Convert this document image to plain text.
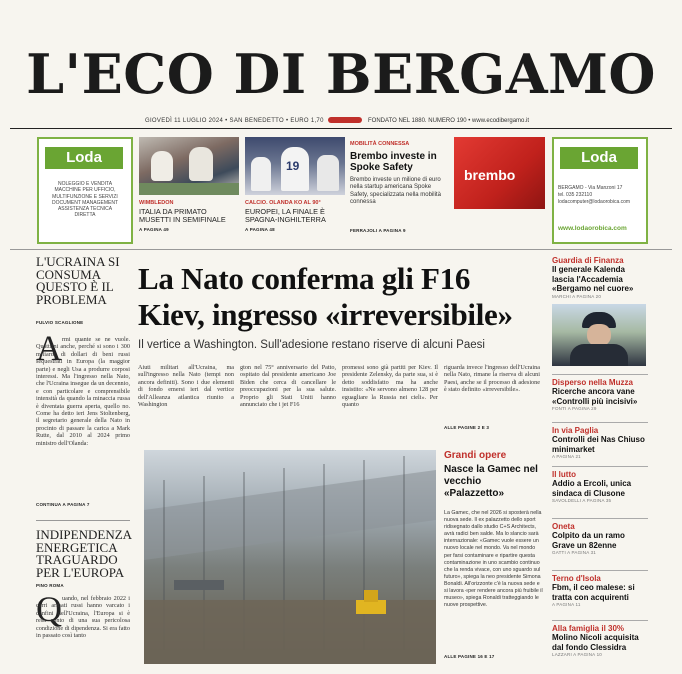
L'ECO DI BERGAMO
GIOVEDÌ 11 LUGLIO 2024 • SAN BENEDETTO • EURO 1,70	FONDATO NEL 1880. NUMERO 190 • www.ecodibergamo.it
Loda
NOLEGGIO E VENDITA
MACCHINE PER UFFICIO,
MULTIFUNZIONE E SERVIZI
DOCUMENT MANAGEMENT
ASSISTENZA TECNICA
DIRETTA
WIMBLEDON
ITALIA DA PRIMATO MUSETTI IN SEMIFINALE
A PAGINA 49
19
CALCIO. OLANDA KO AL 90°
EUROPEI, LA FINALE È SPAGNA-INGHILTERRA
A PAGINA 48
MOBILITÀ CONNESSA
Brembo investe in Spoke Safety
Brembo investe un milione di euro nella startup americana Spoke Safety, specializzata nella mobilità connessa
FERRAJOLI A PAGINA 9
brembo
Loda
BERGAMO - Via Manzoni 17
tel. 035 232110
lodacomputer@lodaorobica.com
www.lodaorobica.com
L'UCRAINA SI CONSUMA QUESTO È IL PROBLEMA
FULVIO SCAGLIONE
A rmi quante se ne vuole. Quattrini anche, perché si sono i 300 miliardi di dollari di beni russi sequestrati in Europa (la maggior parte) e negli Usa a produrre corposi interessi. Ma l'ingresso nella Nato, che l'Ucraina insegue da un decennio, e con particolare e comprensibile intensità da quando la minaccia russa è diventata guerra aperta, quello no. Come ha detto ieri Jens Stoltenberg, il segretario generale della Nato in procinto di passare la carica a Mark Rutte, dal 2010 al 2024 primo ministro dell'Olanda:
CONTINUA A PAGINA 7
INDIPENDENZA ENERGETICA TRAGUARDO PER L'EUROPA
PINO ROMA
Q uando, nel febbraio 2022 i carri armati russi hanno varcato i confini dell'Ucraina, l'Europa si è resa conto di una sua pericolosa condizione di dipendenza. Si era fatto in passato così tanto
La Nato conferma gli F16
Kiev, ingresso «irreversibile»
Il vertice a Washington. Sull'adesione restano riserve di alcuni Paesi
Aiuti militari all'Ucraina, ma sull'ingresso nella Nato (tempi non ancora definiti). Sono i due elementi di fondo emersi ieri dal vertice dell'Alleanza atlantica riunito a Washington
gton nel 75° anniversario del Patto, ospitato dal presidente americano Joe Biden che cerca di cancellare le preoccupazioni per la sua salute. Proprio gli Stati Uniti hanno annunciato che i jet F16
promessi sono già partiti per Kiev. Il presidente Zelensky, da parte sua, si è detto soddisfatto ma ha anche insistito: «Ne servono almeno 128 per eguagliare la Russia nei cieli». Per quanto
riguarda invece l'ingresso dell'Ucraina nella Nato, rimane la riserva di alcuni Paesi, anche se il processo di adesione è stato definito «irreversibile».
ALLE PAGINE 2 E 3
Grandi opere
Nasce la Gamec nel vecchio «Palazzetto»
La Gamec, che nel 2026 si sposterà nella nuova sede. Il ex palazzetto dello sport ridisegnato dallo studio C+S Architects, avrà radici ben salde. Ma lo slancio sarà internazionale: «Gamec vuole essere un nuovo locale nel mondo. Va nel mondo per farsi contaminare e ripartire questa contaminazione in uno scambio continuo che la renda vivace, con uno sguardo sul futuro», spiega la neo presidente Simona Bonaldi. All'orizzonte c'è la nuova sede e si lavora «per rendere ancora più fruibile il museo», spiega Ronaldi tratteggiando le nuove prospettive.
ALLE PAGINE 16 E 17
Guardia di Finanza
Il generale Kalenda lascia l'Accademia «Bergamo nel cuore»
MARCHI A PAGINA 20
Disperso nella Muzza
Ricerche ancora vane «Controlli più incisivi»
FONTI A PAGINA 29
In via Paglia
Controlli dei Nas Chiuso minimarket
A PAGINA 21
Il lutto
Addio a Ercoli, unica sindaca di Clusone
SAVOLDELLI A PAGINA 35
Oneta
Colpito da un ramo Grave un 82enne
GATTI A PAGINA 31
Terno d'Isola
Fbm, il ceo malese: si tratta con acquirenti
A PAGINA 11
Alla famiglia il 30%
Molino Nicoli acquisita dal fondo Clessidra
LAZZARI A PAGINA 10
